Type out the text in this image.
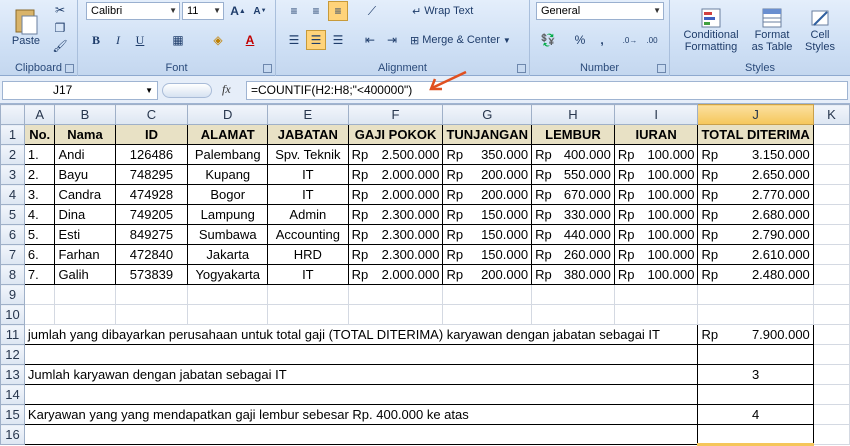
Paste
✂
❐
🖌
Clipboard
Calibri	▼ 11 ▼ A ▲ A ▼
B	I	U	▦	◈	A
Font
≡	≡	≡	⟋	↵ Wrap Text
☰ ☰ ☰	⇤ ⇥	⊞ Merge & Center ▼
Alignment
General	▼
💱	%	,	.0→	.00
Number
Conditional
Formatting
Format
as Table
Cell
Styles
Styles
J17	▼	fx	=COUNTIF(H2:H8;"<400000")
	A	B	C	D	E	F	G	H	I	J	K
1	No.	Nama	ID	ALAMAT	JABATAN	GAJI POKOK	TUNJANGAN	LEMBUR	IURAN	TOTAL DITERIMA	
2	1.	Andi	126486	Palembang	Spv. Teknik	Rp 2.500.000	Rp 350.000	Rp 400.000	Rp 100.000	Rp 3.150.000	

3	2.	Bayu	748295	Kupang	IT	Rp 2.000.000	Rp 200.000	Rp 550.000	Rp 100.000	Rp 2.650.000	

4	3.	Candra	474928	Bogor	IT	Rp 2.000.000	Rp 200.000	Rp 670.000	Rp 100.000	Rp 2.770.000	

5	4.	Dina	749205	Lampung	Admin	Rp 2.300.000	Rp 150.000	Rp 330.000	Rp 100.000	Rp 2.680.000	

6	5.	Esti	849275	Sumbawa	Accounting	Rp 2.300.000	Rp 150.000	Rp 440.000	Rp 100.000	Rp 2.790.000	

7	6.	Farhan	472840	Jakarta	HRD	Rp 2.300.000	Rp 150.000	Rp 260.000	Rp 100.000	Rp 2.610.000	

8	7.	Galih	573839	Yogyakarta	IT	Rp 2.000.000	Rp 200.000	Rp 380.000	Rp 100.000	Rp 2.480.000	

9											
10											
11	jumlah yang dibayarkan perusahaan untuk total gaji (TOTAL DITERIMA) karyawan dengan jabatan sebagai IT									Rp 7.900.000	

12											
13	Jumlah karyawan dengan jabatan sebagai IT									3	
14											
15	Karyawan yang yang mendapatkan gaji lembur sebesar Rp. 400.000 ke atas									4	
16											
